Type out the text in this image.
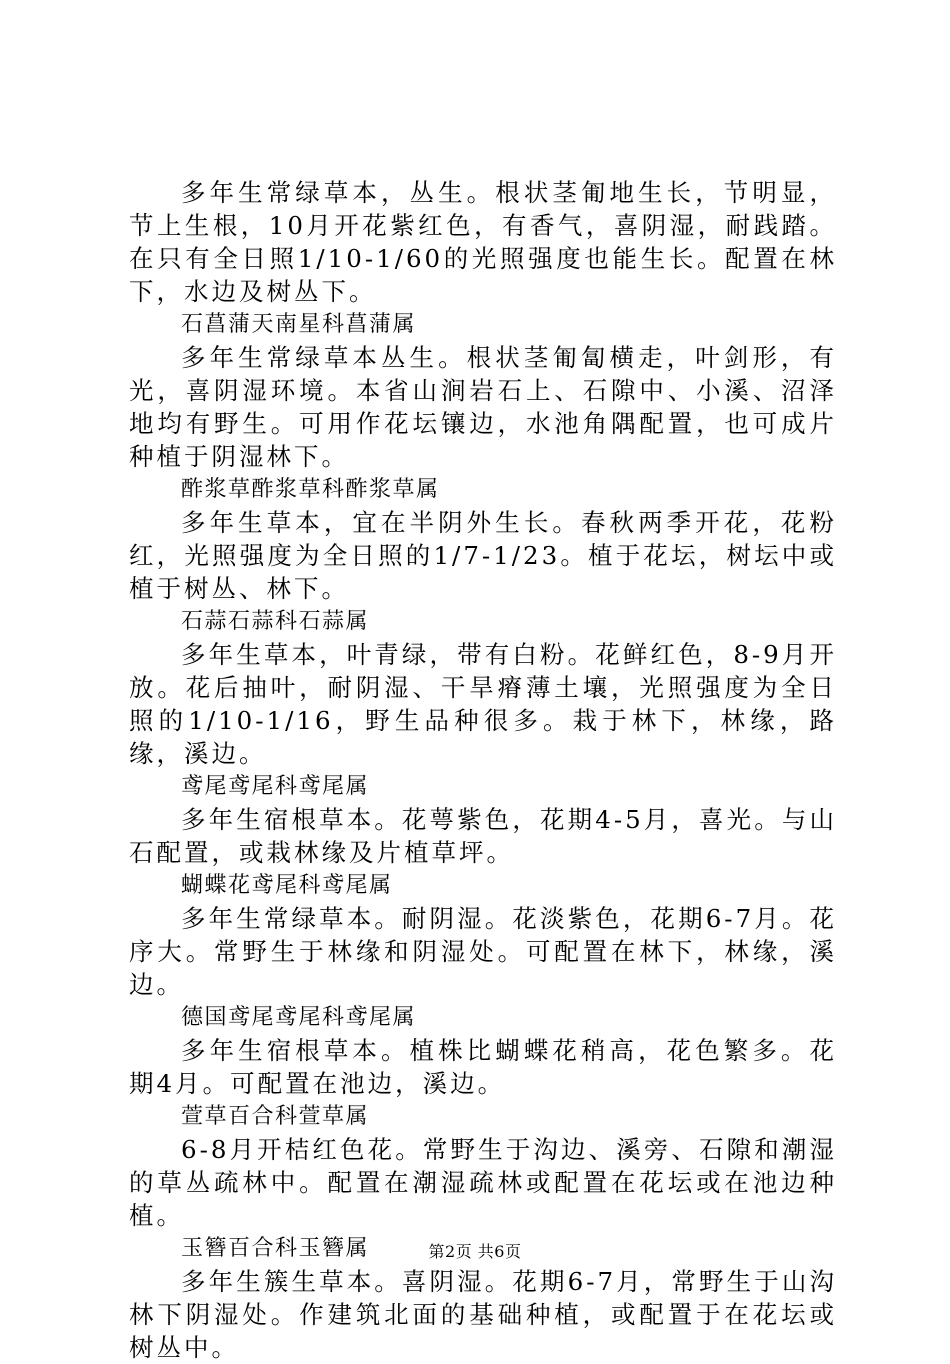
多年生常绿草本，丛生。根状茎匍地生长，节明显，节上生根，10月开花紫红色，有香气，喜阴湿，耐践踏。在只有全日照1/10-1/60的光照强度也能生长。配置在林下，水边及树丛下。

石菖蒲天南星科菖蒲属

多年生常绿草本丛生。根状茎匍匐横走，叶剑形，有光，喜阴湿环境。本省山涧岩石上、石隙中、小溪、沼泽地均有野生。可用作花坛镶边，水池角隅配置，也可成片种植于阴湿林下。

酢浆草酢浆草科酢浆草属

多年生草本，宜在半阴外生长。春秋两季开花，花粉红，光照强度为全日照的1/7-1/23。植于花坛，树坛中或植于树丛、林下。

石蒜石蒜科石蒜属

多年生草本，叶青绿，带有白粉。花鲜红色，8-9月开放。花后抽叶，耐阴湿、干旱瘠薄土壤，光照强度为全日照的1/10-1/16，野生品种很多。栽于林下，林缘，路缘，溪边。

鸢尾鸢尾科鸢尾属

多年生宿根草本。花萼紫色，花期4-5月，喜光。与山石配置，或栽林缘及片植草坪。

蝴蝶花鸢尾科鸢尾属

多年生常绿草本。耐阴湿。花淡紫色，花期6-7月。花序大。常野生于林缘和阴湿处。可配置在林下，林缘，溪边。

德国鸢尾鸢尾科鸢尾属

多年生宿根草本。植株比蝴蝶花稍高，花色繁多。花期4月。可配置在池边，溪边。

萱草百合科萱草属

6-8月开桔红色花。常野生于沟边、溪旁、石隙和潮湿的草丛疏林中。配置在潮湿疏林或配置在花坛或在池边种植。

玉簪百合科玉簪属

多年生簇生草本。喜阴湿。花期6-7月，常野生于山沟林下阴湿处。作建筑北面的基础种植，或配置于在花坛或树丛中。

第2页 共6页
